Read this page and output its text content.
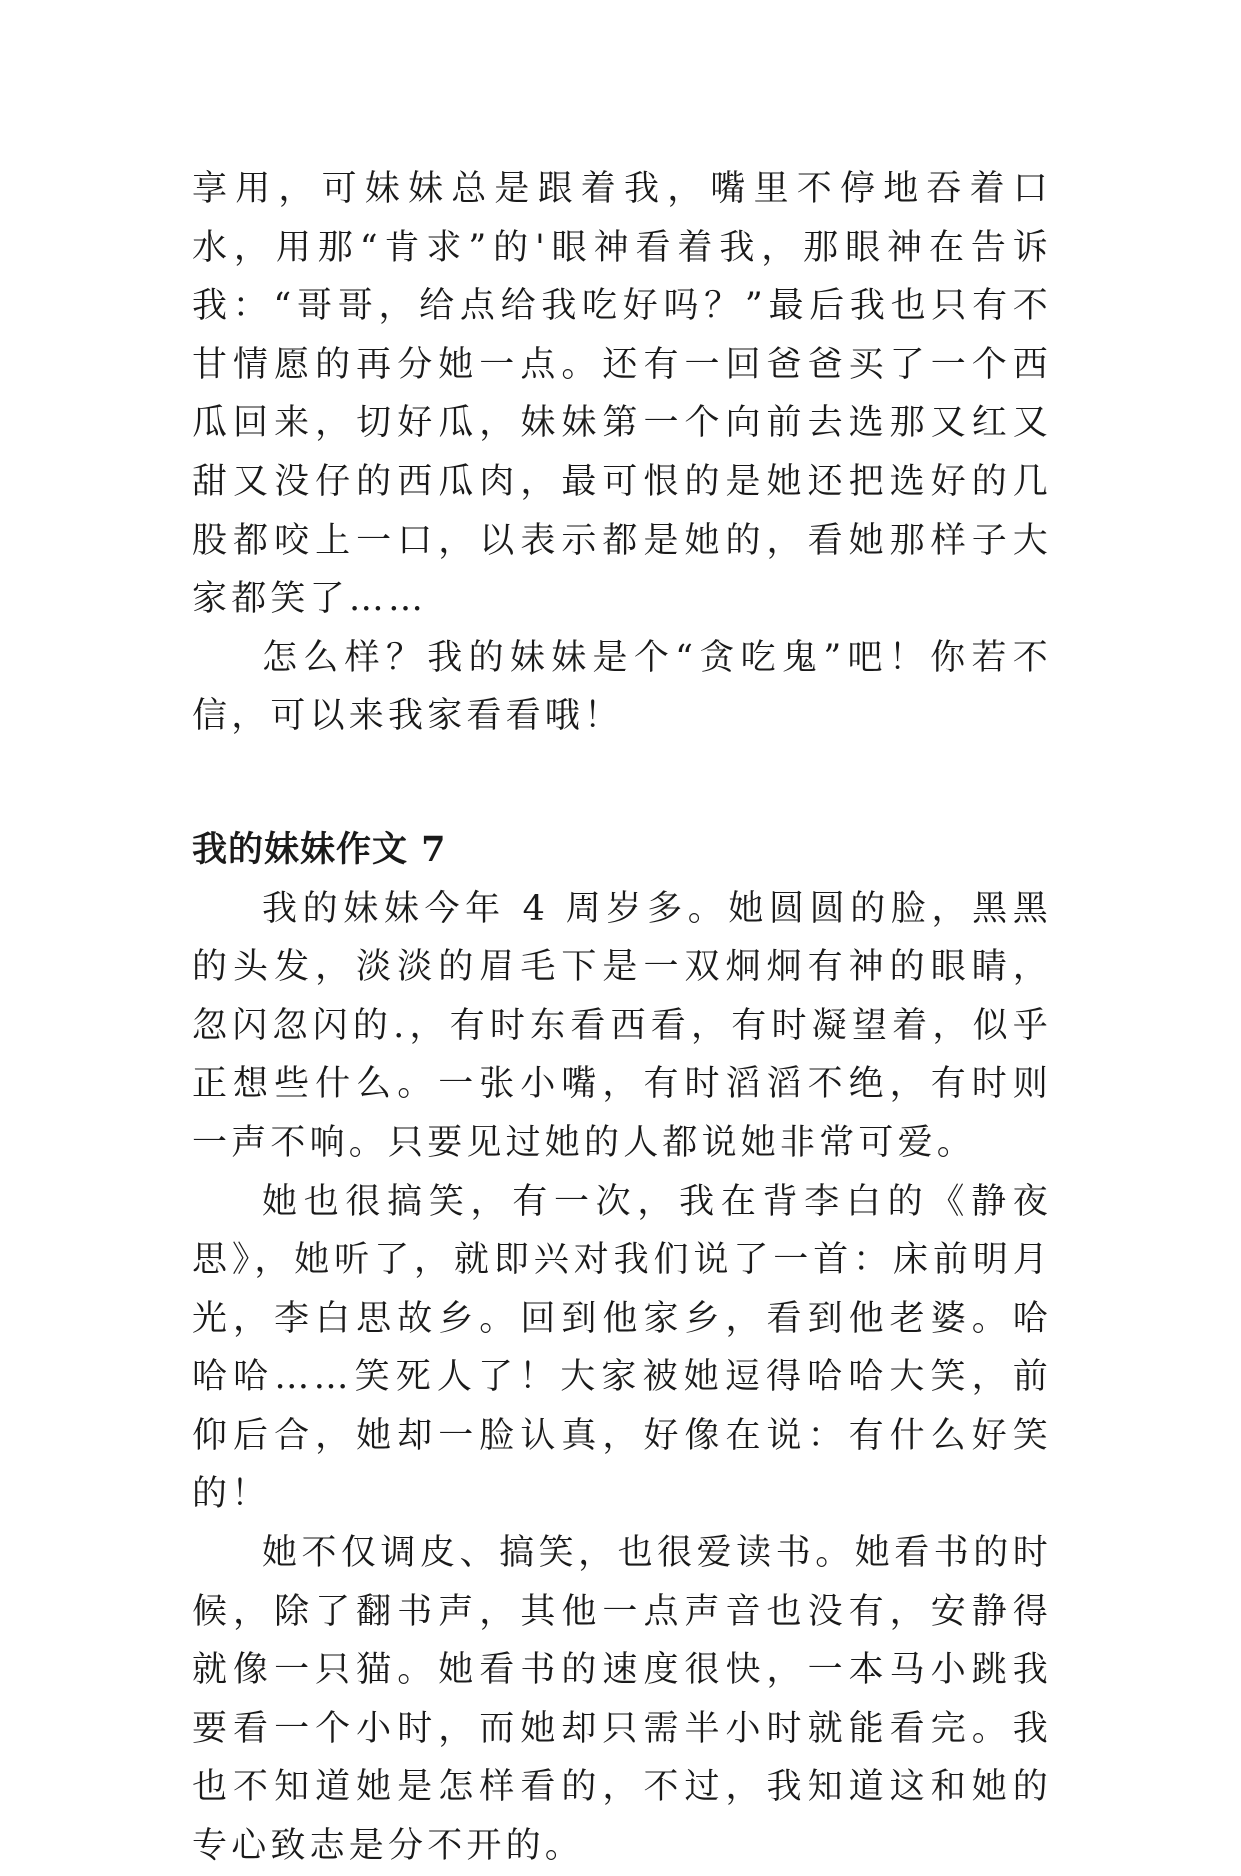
享用，可妹妹总是跟着我，嘴里不停地吞着口水，用那“肯求”的'眼神看着我，那眼神在告诉我：“哥哥，给点给我吃好吗？”最后我也只有不甘情愿的再分她一点。还有一回爸爸买了一个西瓜回来，切好瓜，妹妹第一个向前去选那又红又甜又没仔的西瓜肉，最可恨的是她还把选好的几股都咬上一口，以表示都是她的，看她那样子大家都笑了……

怎么样？我的妹妹是个“贪吃鬼”吧！你若不信，可以来我家看看哦！

我的妹妹作文 7

我的妹妹今年 4 周岁多。她圆圆的脸，黑黑的头发，淡淡的眉毛下是一双炯炯有神的眼睛，忽闪忽闪的.，有时东看西看，有时凝望着，似乎正想些什么。一张小嘴，有时滔滔不绝，有时则一声不响。只要见过她的人都说她非常可爱。

她也很搞笑，有一次，我在背李白的《静夜思》，她听了，就即兴对我们说了一首：床前明月光，李白思故乡。回到他家乡，看到他老婆。哈哈哈……笑死人了！大家被她逗得哈哈大笑，前仰后合，她却一脸认真，好像在说：有什么好笑的！

她不仅调皮、搞笑，也很爱读书。她看书的时候，除了翻书声，其他一点声音也没有，安静得就像一只猫。她看书的速度很快，一本马小跳我要看一个小时，而她却只需半小时就能看完。我也不知道她是怎样看的，不过，我知道这和她的专心致志是分不开的。
